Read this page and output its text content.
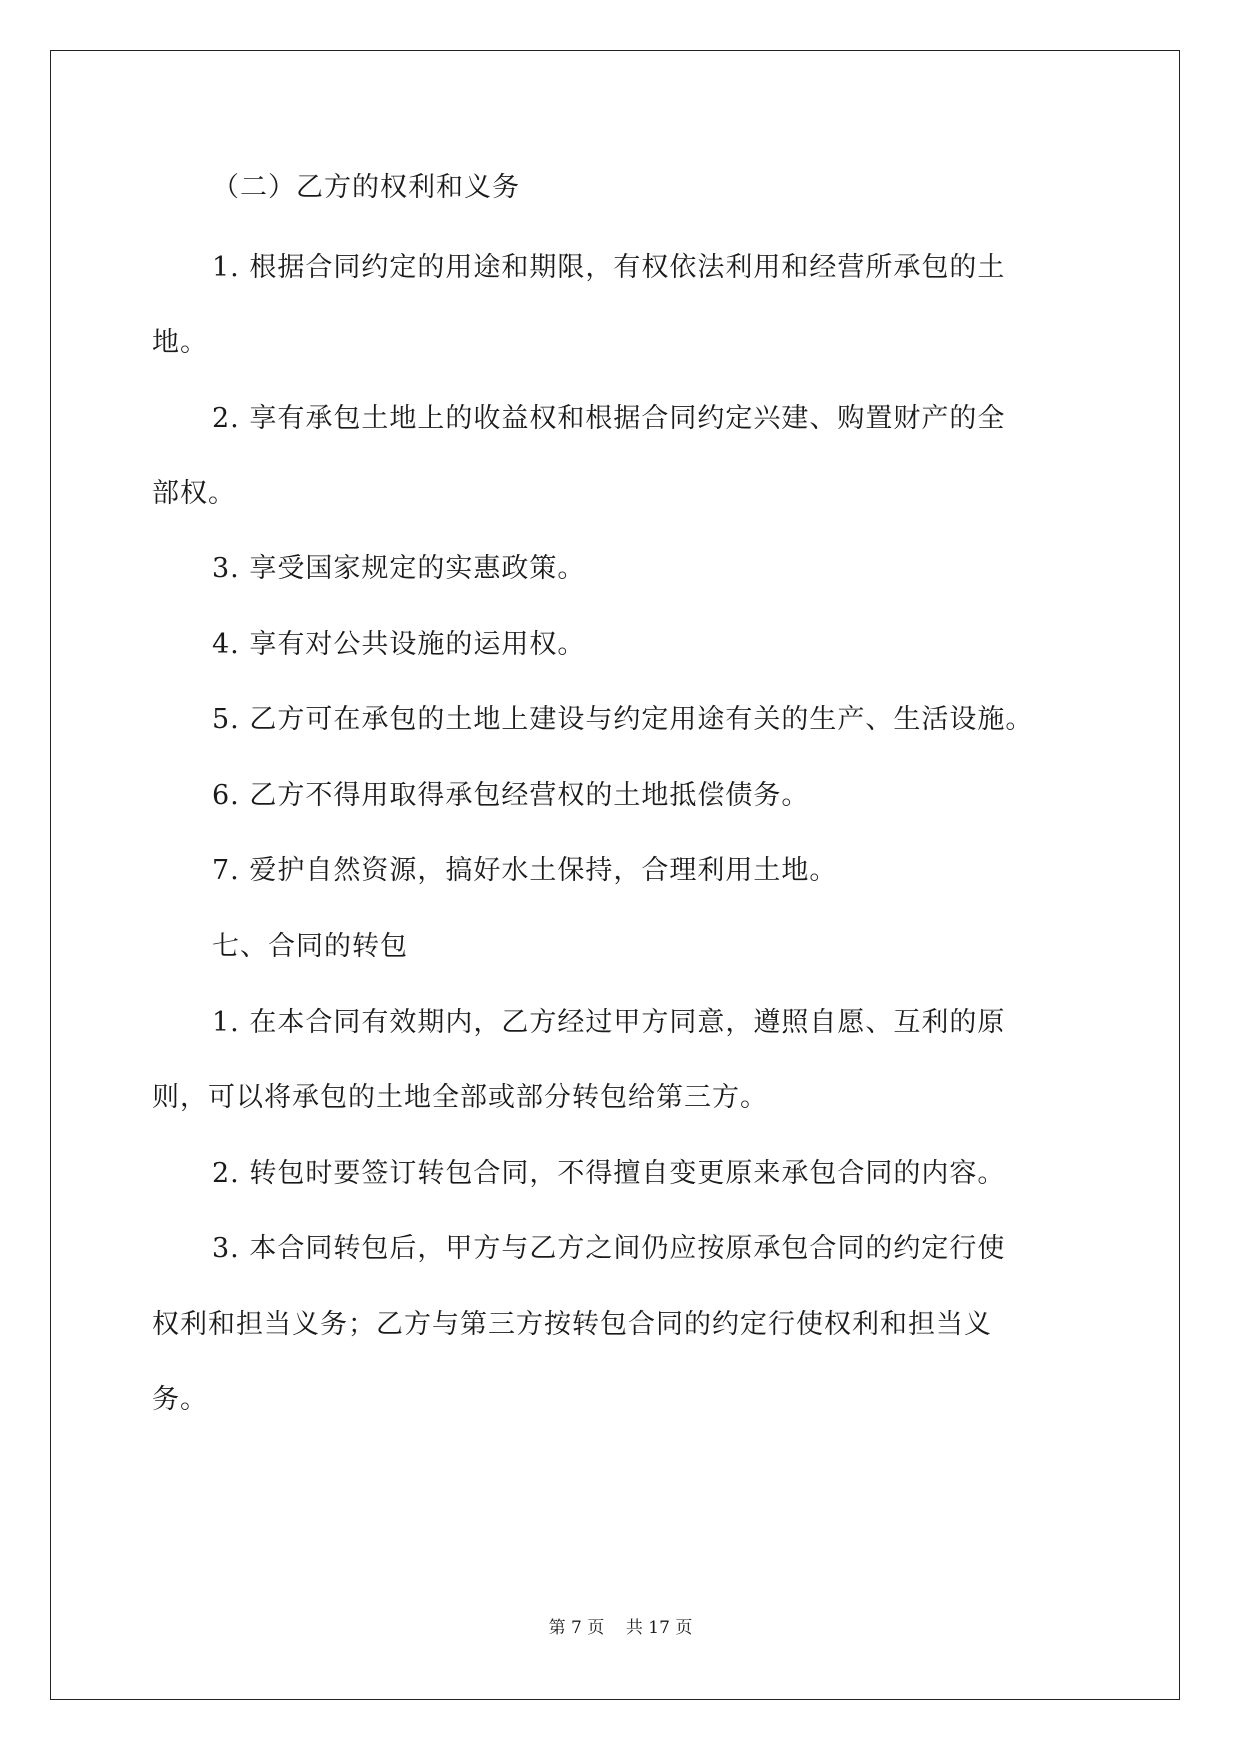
（二）乙方的权利和义务
1. 根据合同约定的用途和期限，有权依法利用和经营所承包的土
地。
2. 享有承包土地上的收益权和根据合同约定兴建、购置财产的全
部权。
3. 享受国家规定的实惠政策。
4. 享有对公共设施的运用权。
5. 乙方可在承包的土地上建设与约定用途有关的生产、生活设施。
6. 乙方不得用取得承包经营权的土地抵偿债务。
7. 爱护自然资源，搞好水土保持，合理利用土地。
七、合同的转包
1. 在本合同有效期内，乙方经过甲方同意，遵照自愿、互利的原
则，可以将承包的土地全部或部分转包给第三方。
2. 转包时要签订转包合同，不得擅自变更原来承包合同的内容。
3. 本合同转包后，甲方与乙方之间仍应按原承包合同的约定行使
权利和担当义务；乙方与第三方按转包合同的约定行使权利和担当义
务。
第 7 页    共 17 页
